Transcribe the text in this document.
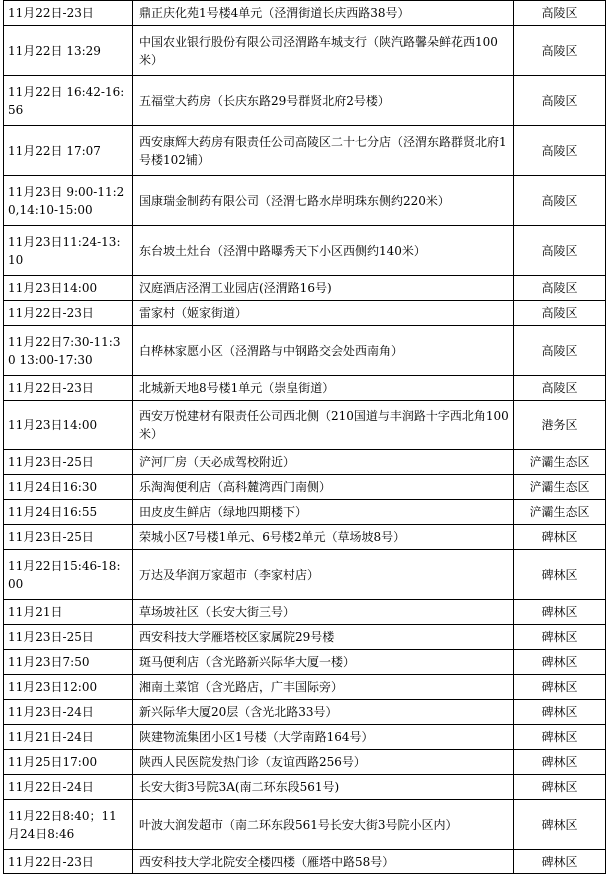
11月22日-23日	鼎正庆化苑1号楼4单元（泾渭街道长庆西路38号）	高陵区
11月22日 13:29	中国农业银行股份有限公司泾渭路车城支行（陕汽路馨朵鲜花西100米）	高陵区
11月22日 16:42-16:56	五福堂大药房（长庆东路29号群贤北府2号楼）	高陵区
11月22日 17:07	西安康辉大药房有限责任公司高陵区二十七分店（泾渭东路群贤北府1号楼102铺）	高陵区
11月23日 9:00-11:20,14:10-15:00	国康瑞金制药有限公司（泾渭七路水岸明珠东侧约220米）	高陵区
11月23日11:24-13:10	东台坡土灶台（泾渭中路曝秀天下小区西侧约140米）	高陵区
11月23日14:00	汉庭酒店泾渭工业园店(泾渭路16号)	高陵区
11月22日-23日	雷家村（姬家街道）	高陵区
11月22日7:30-11:30 13:00-17:30	白桦林家愿小区（泾渭路与中钢路交会处西南角）	高陵区
11月22日-23日	北城新天地8号楼1单元（崇皇街道）	高陵区
11月23日14:00	西安万悦建材有限责任公司西北侧（210国道与丰润路十字西北角100米）	港务区
11月23日-25日	浐河厂房（天必成驾校附近）	浐灞生态区
11月24日16:30	乐淘淘便利店（高科麓湾西门南侧）	浐灞生态区
11月24日16:55	田皮皮生鲜店（绿地四期楼下）	浐灞生态区
11月23日-25日	荣城小区7号楼1单元、6号楼2单元（草场坡8号）	碑林区
11月22日15:46-18:00	万达及华润万家超市（李家村店）	碑林区
11月21日	草场坡社区（长安大街三号）	碑林区
11月23日-25日	西安科技大学雁塔校区家属院29号楼	碑林区
11月23日7:50	斑马便利店（含光路新兴际华大厦一楼）	碑林区
11月23日12:00	湘南土菜馆（含光路店，广丰国际旁）	碑林区
11月23日-24日	新兴际华大厦20层（含光北路33号）	碑林区
11月21日-24日	陕建物流集团小区1号楼（大学南路164号）	碑林区
11月25日17:00	陕西人民医院发热门诊（友谊西路256号）	碑林区
11月22日-24日	长安大街3号院3A(南二环东段561号)	碑林区
11月22日8:40；11月24日8:46	叶波大润发超市（南二环东段561号长安大街3号院小区内）	碑林区
11月22日-23日	西安科技大学北院安全楼四楼（雁塔中路58号）	碑林区
